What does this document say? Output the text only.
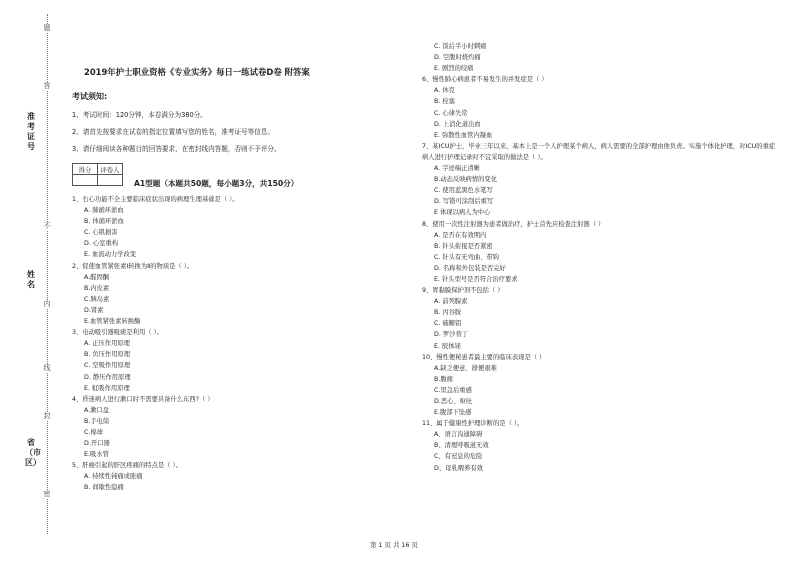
题
答
不
内
线
封
密
准考证号
姓名
省（市区）
2019年护士职业资格《专业实务》每日一练试卷D卷 附答案
考试须知:
1、考试时间：120分钟，本卷满分为380分。
2、请首先按要求在试卷的指定位置填写您的姓名，准考证号等信息。
3、请仔细阅读各种题目的回答要求，在密封线内答题，否则不予评分。
得分	评卷人

A1型题（本题共50题，每小题3分，共150分）
1、右心功能不全主要临床症状出现的病理生理基础是（ ）。
A. 肺循环淤血
B. 体循环淤血
C. 心肌损害
D. 心室重构
E. 血流动力学改变
2、促使血管紧张素Ⅰ转换为Ⅱ的物质是（ ）。
A.醛固酮
B.内皮素
C.胰岛素
D.肾素
E.血管紧张素转换酶
3、电动吸引器吸痰是利用（ ）。
A. 正压作用原理
B. 负压作用原理
C. 空吸作用原理
D. 静压作用原理
E. 虹吸作用原理
4、昏迷病人进行漱口时不需要具备什么东西?（ ）
A.漱口盘
B.手电筒
C.棉球
D.开口器
E.吸水管
5、肝癌引起的肝区疼痛的特点是（ ）。
A. 持续性钝痛或胀痛
B. 间歇性隐痛
C. 饭后半小时刺痛
D. 空腹时烧灼痛
E. 剧烈的绞痛
6、慢性肺心病患者不易发生的并发症是（ ）
A. 休克
B. 栓塞
C. 心律失常
D. 上消化道出血
E. 弥散性血管内凝血
7、某ICU护士，毕业三年以来，基本上是一个人护理某个病人，病人需要的全部护理由他负责。实施个体化护理，对ICU的重症病人进行护理记录时不宜采取的做法是（ ）。
A. 字迹端正清晰
B.动态反映病情的变化
C. 使用蓝黑色水笔写
D. 写错可涂刮后重写
E 体现以病人为中心
8、使用一次性注射器为患者做治疗，护士首先应检查注射器（ ）
A. 是否在有效期内
B. 针头衔接是否紧密
C. 针头有无弯曲、带钩
D. 名称和外包装是否完好
E. 针头型号是否符合治疗要求
9、胃黏膜保护剂不包括（ ）
A. 前列腺素
B. 丙谷胺
C. 硫糖铝
D. 罗沙替丁
E. 胶体铋
10、慢性便秘患者最主要的临床表现是（ ）
A.缺乏便意、排便艰难
B.腹痛
C.里急后重感
D.恶心、呕吐
E.腹部下坠感
11、属于健康性护理诊断的是（ ）。
A、语言沟通障碍
B、清理呼吸道无效
C、有窒息的危险
D、母乳喂养有效
第 1 页 共 16 页
